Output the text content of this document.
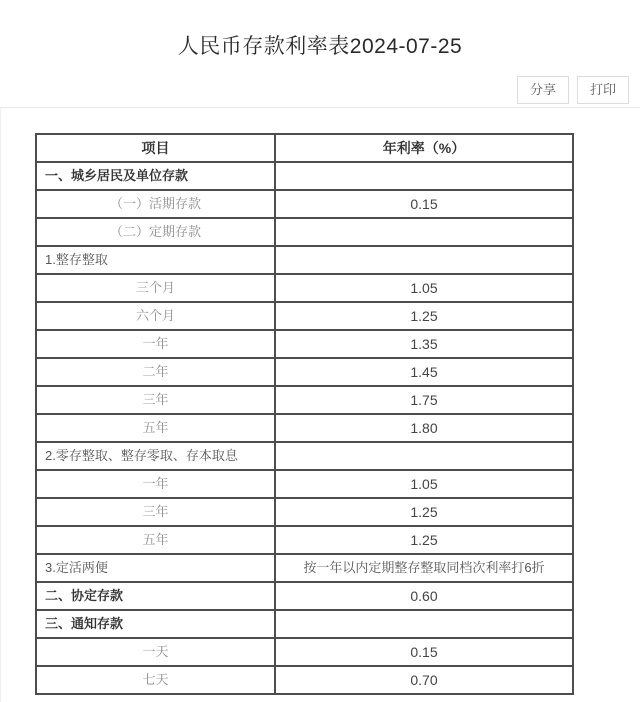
人民币存款利率表2024-07-25
分享	打印
项目	年利率（%）
一、城乡居民及单位存款	
（一）活期存款	0.15
（二）定期存款	
1.整存整取	
三个月	1.05
六个月	1.25
一年	1.35
二年	1.45
三年	1.75
五年	1.80
2.零存整取、整存零取、存本取息	
一年	1.05
三年	1.25
五年	1.25
3.定活两便	按一年以内定期整存整取同档次利率打6折
二、协定存款	0.60
三、通知存款	
一天	0.15
七天	0.70
